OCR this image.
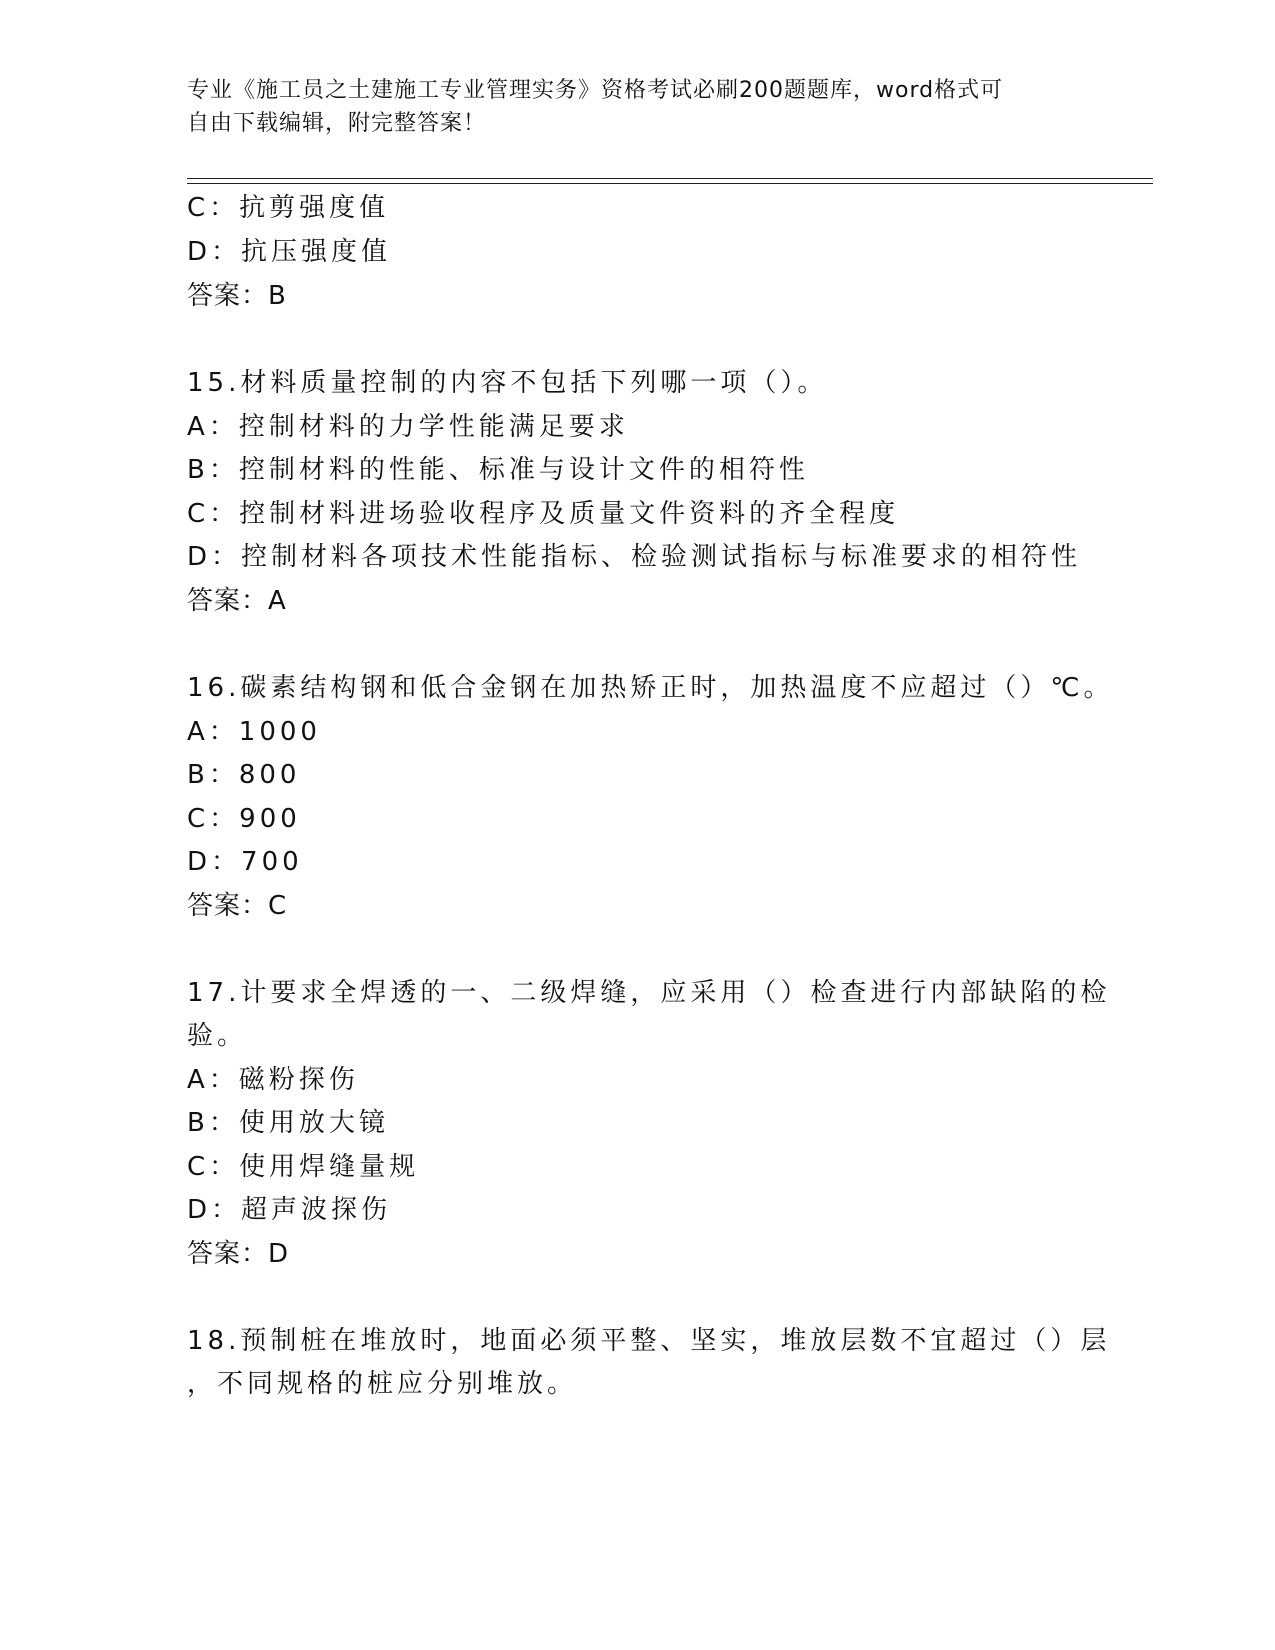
专业《施工员之土建施工专业管理实务》资格考试必刷200题题库，word格式可
自由下载编辑，附完整答案！
C：抗剪强度值
D：抗压强度值
答案：B
15.材料质量控制的内容不包括下列哪一项（）。
A：控制材料的力学性能满足要求
B：控制材料的性能、标准与设计文件的相符性
C：控制材料进场验收程序及质量文件资料的齐全程度
D：控制材料各项技术性能指标、检验测试指标与标准要求的相符性
答案：A
16.碳素结构钢和低合金钢在加热矫正时，加热温度不应超过（）℃。
A：1000
B：800
C：900
D：700
答案：C
17.计要求全焊透的一、二级焊缝，应采用（）检查进行内部缺陷的检
验。
A：磁粉探伤
B：使用放大镜
C：使用焊缝量规
D：超声波探伤
答案：D
18.预制桩在堆放时，地面必须平整、坚实，堆放层数不宜超过（）层
，不同规格的桩应分别堆放。
